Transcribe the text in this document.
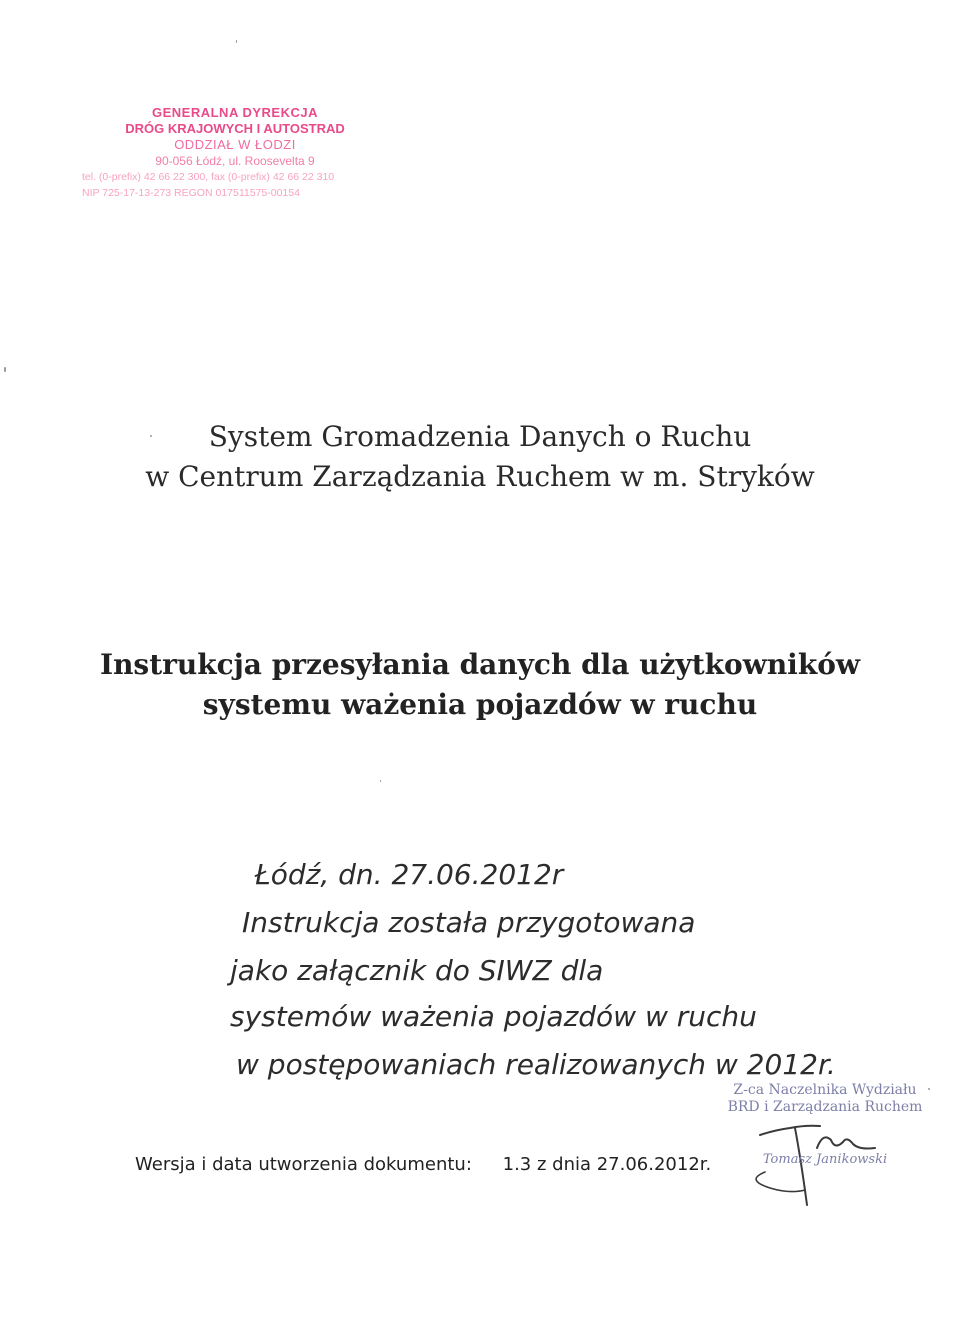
GENERALNA DYREKCJA
DRÓG KRAJOWYCH I AUTOSTRAD
ODDZIAŁ W ŁODZI
90-056 Łódź, ul. Roosevelta 9
tel. (0-prefix) 42 66 22 300, fax (0-prefix) 42 66 22 310
NIP 725-17-13-273 REGON 017511575-00154
System Gromadzenia Danych o Ruchu
w Centrum Zarządzania Ruchem w m. Stryków
Instrukcja przesyłania danych dla użytkowników
systemu ważenia pojazdów w ruchu
Łódź, dn. 27.06.2012r
Instrukcja została przygotowana
jako załącznik do SIWZ dla
systemów ważenia pojazdów w ruchu
w postępowaniach realizowanych w 2012r.
Z-ca Naczelnika Wydziału
BRD i Zarządzania Ruchem
Tomasz Janikowski
Wersja i data utworzenia dokumentu: 1.3 z dnia 27.06.2012r.
